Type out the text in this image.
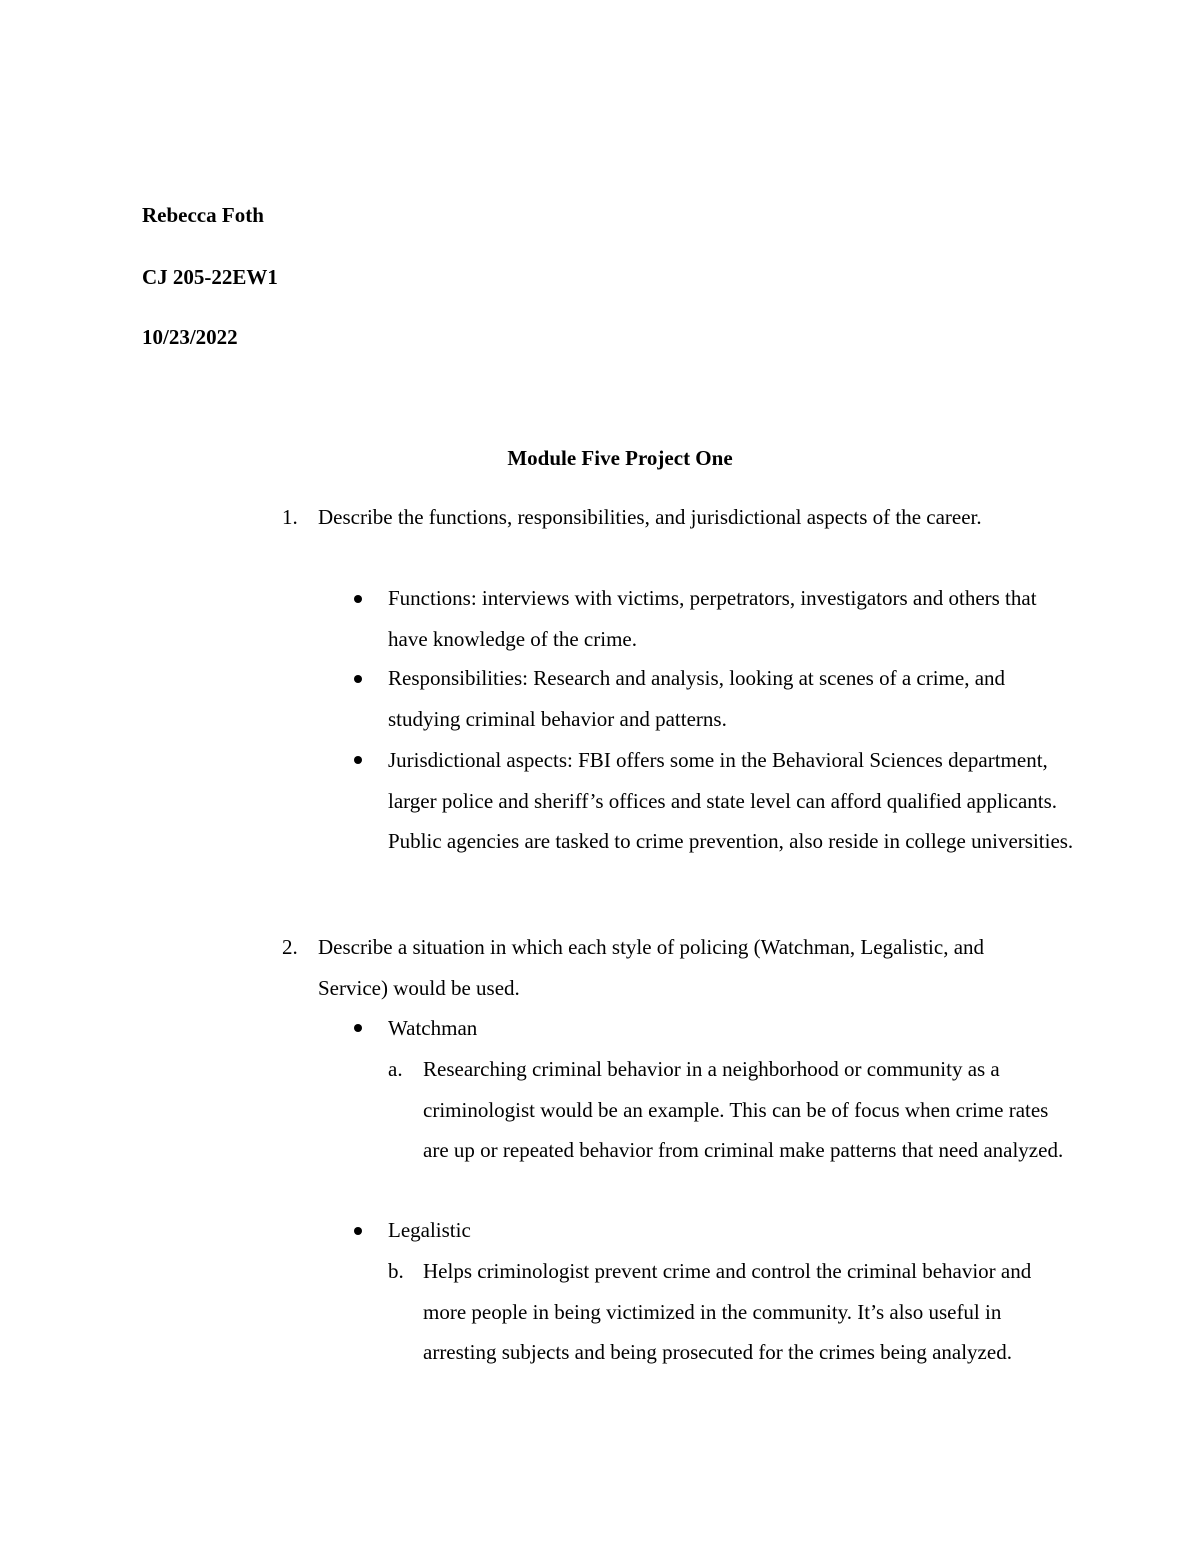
Rebecca Foth
CJ 205-22EW1
10/23/2022
Module Five Project One
1. Describe the functions, responsibilities, and jurisdictional aspects of the career.
Functions: interviews with victims, perpetrators, investigators and others that have knowledge of the crime.
Responsibilities: Research and analysis, looking at scenes of a crime, and studying criminal behavior and patterns.
Jurisdictional aspects: FBI offers some in the Behavioral Sciences department, larger police and sheriff’s offices and state level can afford qualified applicants. Public agencies are tasked to crime prevention, also reside in college universities.
2. Describe a situation in which each style of policing (Watchman, Legalistic, and Service) would be used.
Watchman
a. Researching criminal behavior in a neighborhood or community as a criminologist would be an example. This can be of focus when crime rates are up or repeated behavior from criminal make patterns that need analyzed.
Legalistic
b. Helps criminologist prevent crime and control the criminal behavior and more people in being victimized in the community. It’s also useful in arresting subjects and being prosecuted for the crimes being analyzed.
